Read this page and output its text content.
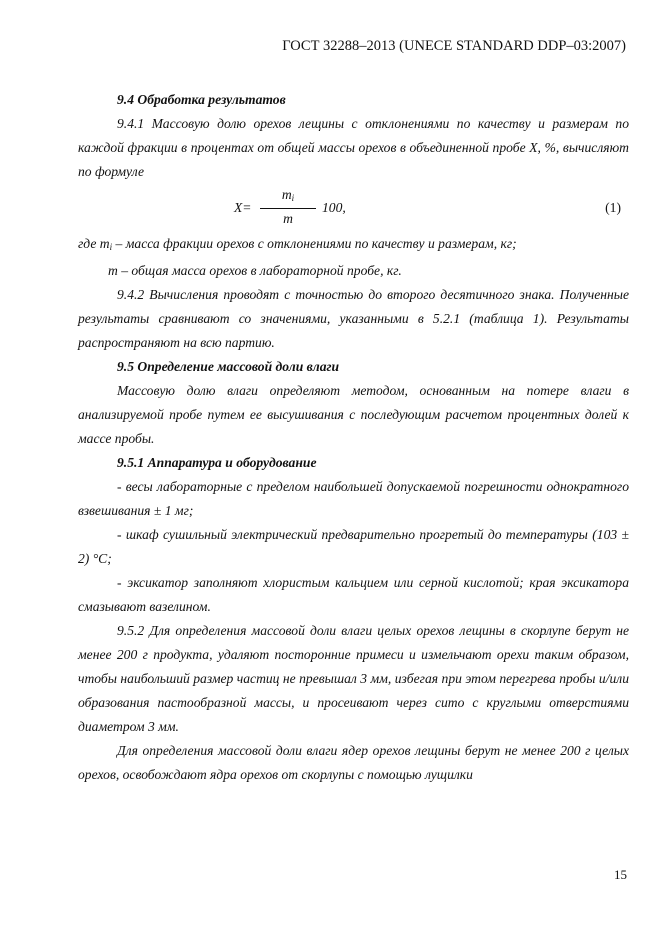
ГОСТ 32288–2013 (UNECE STANDARD DDP–03:2007)

9.4 Обработка результатов

9.4.1 Массовую долю орехов лещины с отклонениями по качеству и размерам по каждой фракции в процентах от общей массы орехов в объединенной пробе X, %, вычисляют по формуле

X=
$m_i$
m
100,	(1)

где $m_i$ – масса фракции орехов с отклонениями по качеству и размерам, кг;

m – общая масса орехов в лабораторной пробе, кг.

9.4.2 Вычисления проводят с точностью до второго десятичного знака. Полученные результаты сравнивают со значениями, указанными в 5.2.1 (таблица 1). Результаты распространяют на всю партию.

9.5 Определение массовой доли влаги

Массовую долю влаги определяют методом, основанным на потере влаги в анализируемой пробе путем ее высушивания с последующим расчетом процентных долей к массе пробы.

9.5.1 Аппаратура и оборудование

- весы лабораторные с пределом наибольшей допускаемой погрешности однократного взвешивания ± 1 мг;

- шкаф сушильный электрический предварительно прогретый до температуры (103 ± 2) °С;

- эксикатор заполняют хлористым кальцием или серной кислотой; края эксикатора смазывают вазелином.

9.5.2 Для определения массовой доли влаги целых орехов лещины в скорлупе берут не менее 200 г продукта, удаляют посторонние примеси и измельчают орехи таким образом, чтобы наибольший размер частиц не превышал 3 мм, избегая при этом перегрева пробы и/или образования пастообразной массы, и просеивают через сито с круглыми отверстиями диаметром 3 мм.

Для определения массовой доли влаги ядер орехов лещины берут не менее 200 г целых орехов, освобождают ядра орехов от скорлупы с помощью лущилки

15
